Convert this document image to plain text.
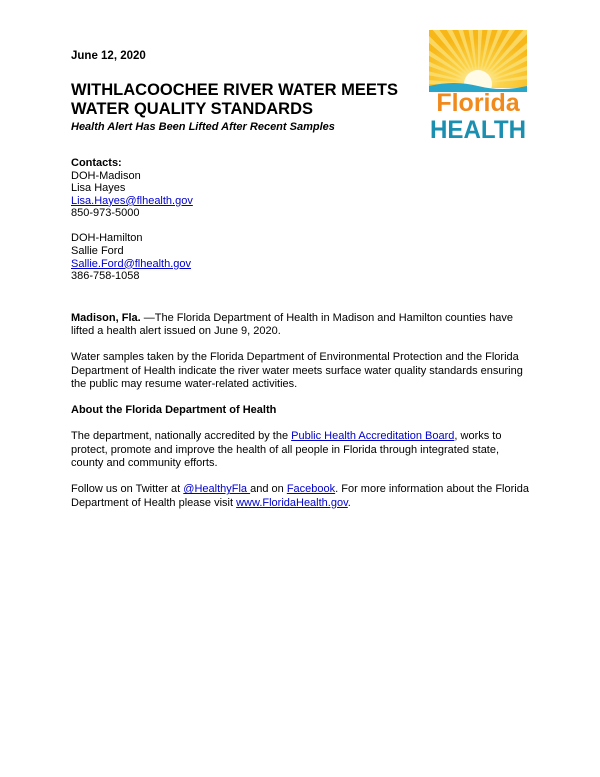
June 12, 2020
WITHLACOOCHEE RIVER WATER MEETS
WATER QUALITY STANDARDS
Health Alert Has Been Lifted After Recent Samples
Florida
HEALTH
Contacts:
DOH-Madison
Lisa Hayes
Lisa.Hayes@flhealth.gov
850-973-5000
DOH-Hamilton
Sallie Ford
Sallie.Ford@flhealth.gov
386-758-1058

Madison, Fla. —The Florida Department of Health in Madison and Hamilton counties have lifted a health alert issued on June 9, 2020.

Water samples taken by the Florida Department of Environmental Protection and the Florida Department of Health indicate the river water meets surface water quality standards ensuring the public may resume water-related activities.

About the Florida Department of Health

The department, nationally accredited by the Public Health Accreditation Board, works to protect, promote and improve the health of all people in Florida through integrated state, county and community efforts.

Follow us on Twitter at @HealthyFla and on Facebook. For more information about the Florida Department of Health please visit www.FloridaHealth.gov.
